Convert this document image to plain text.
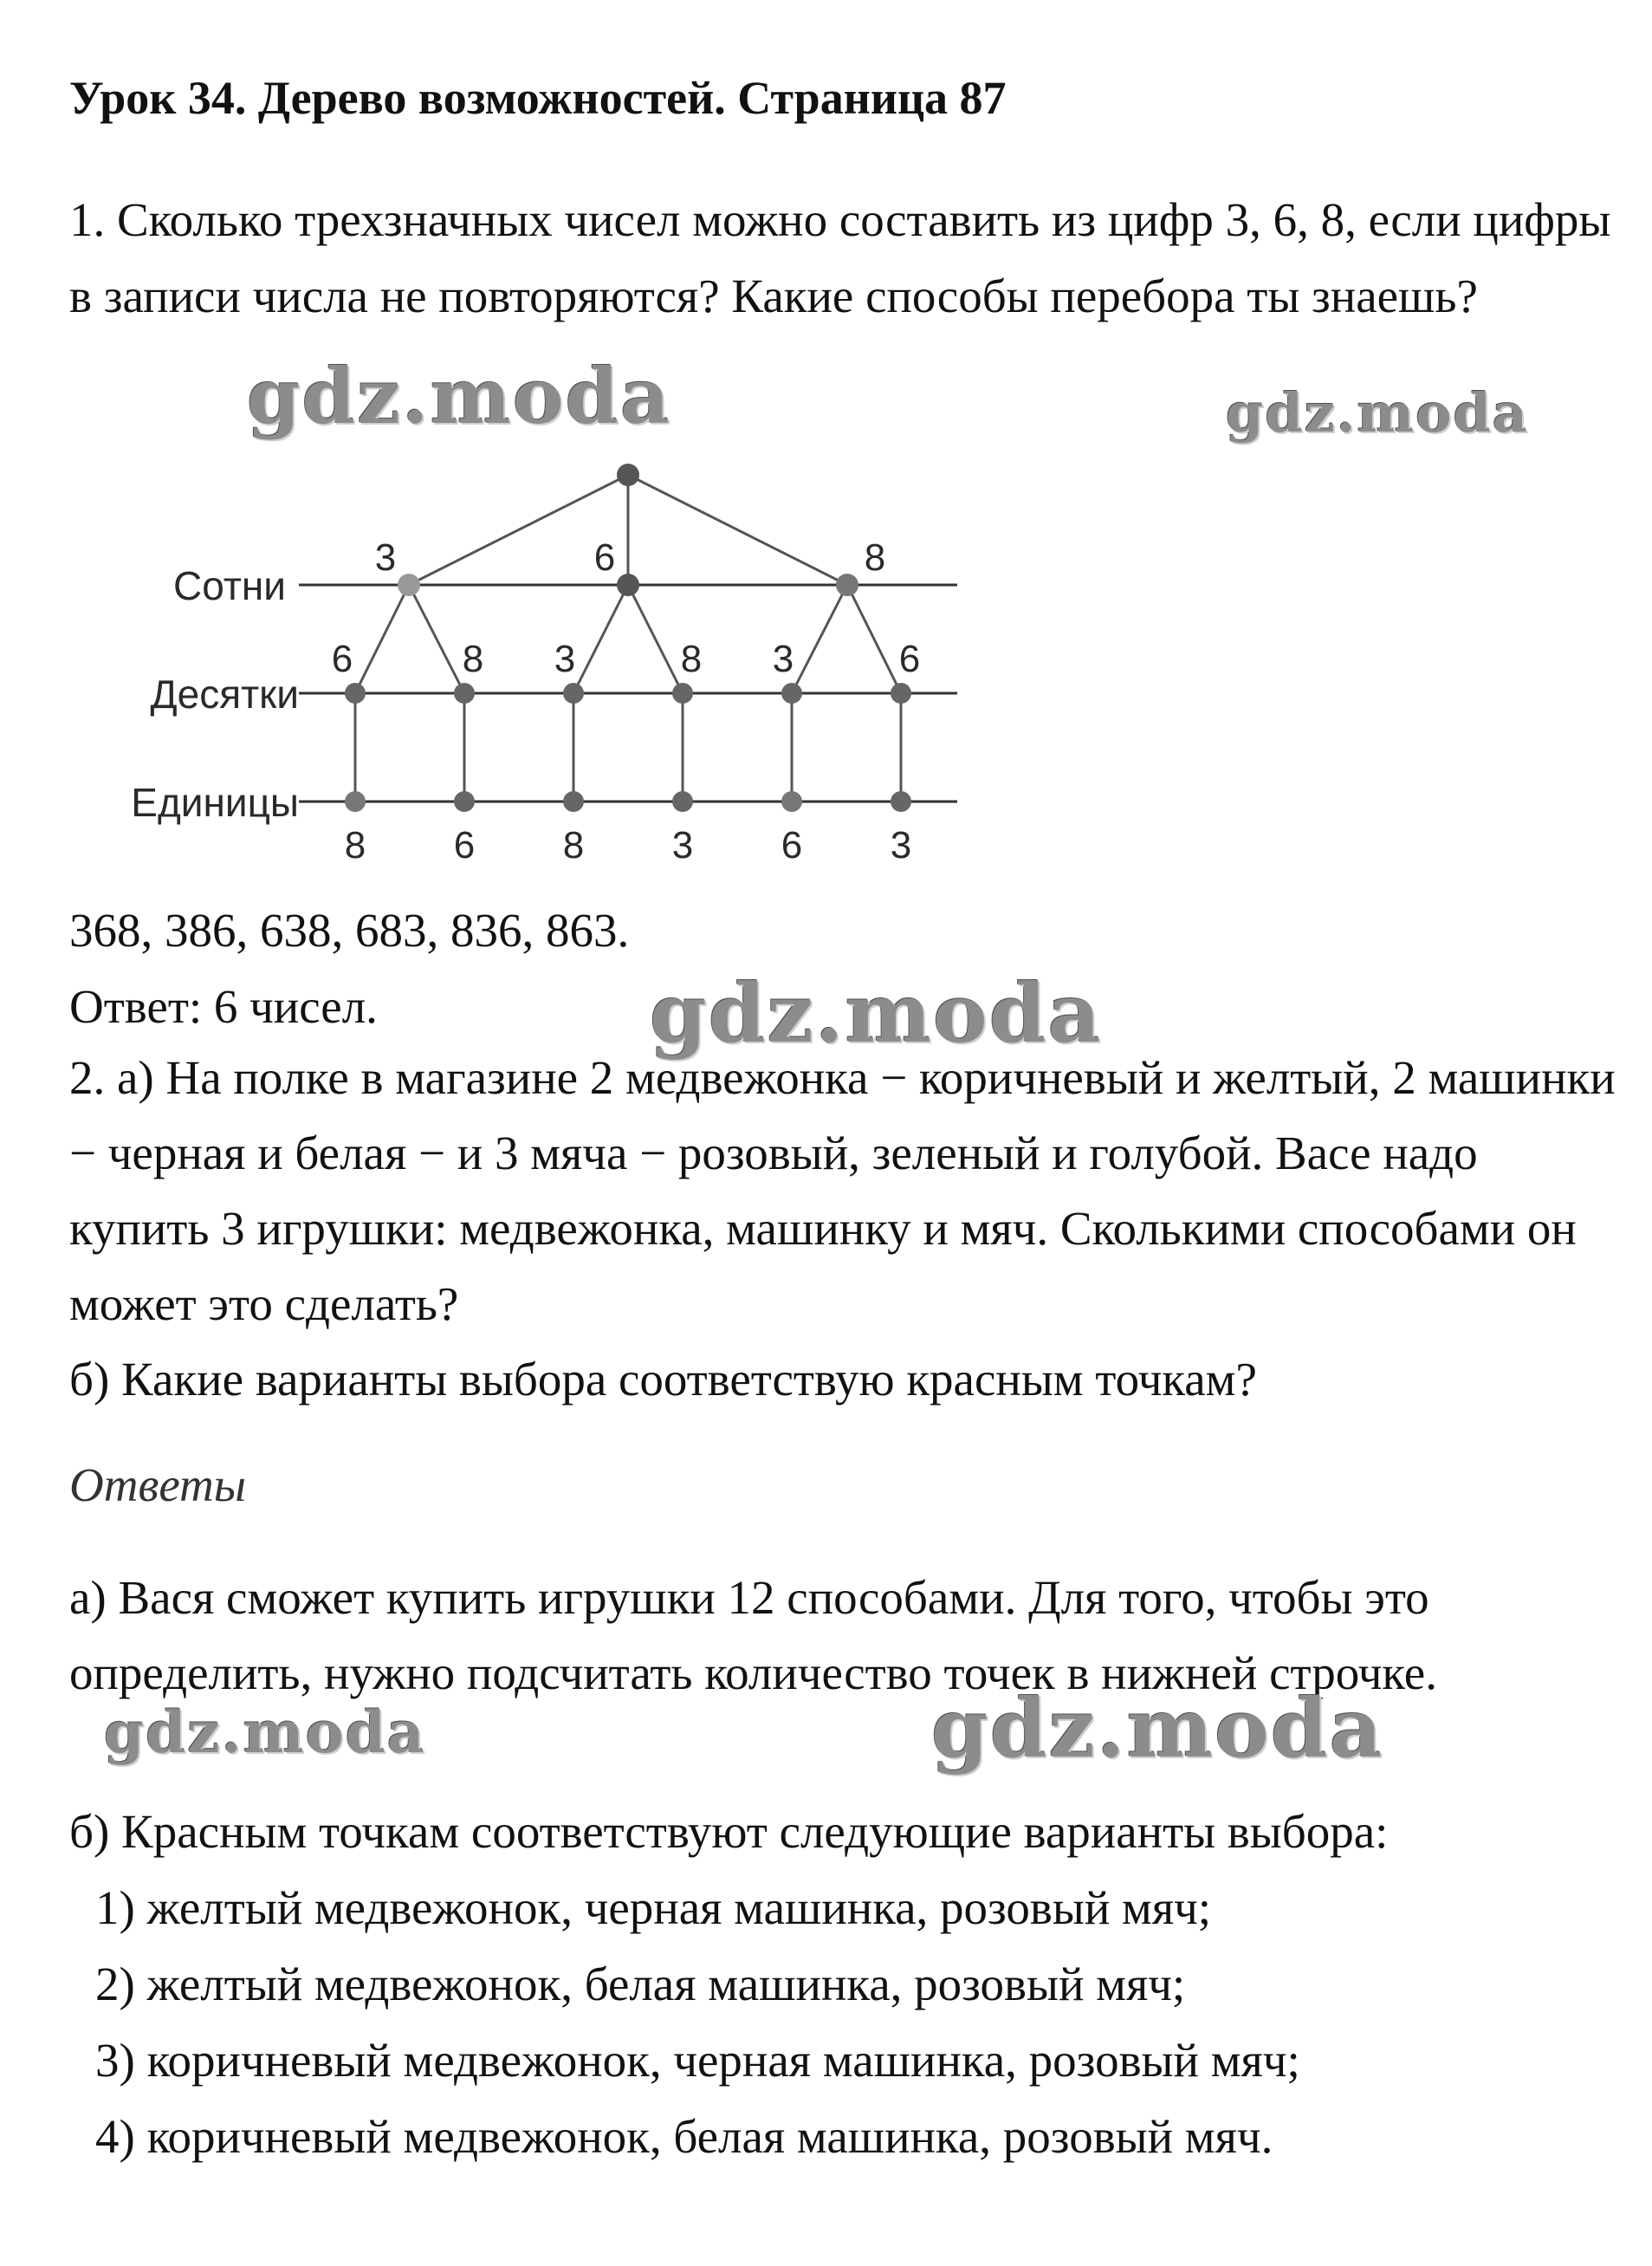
Урок 34. Дерево возможностей. Страница 87
1. Сколько трехзначных чисел можно составить из цифр 3, 6, 8, если цифры в записи числа не повторяются? Какие способы перебора ты знаешь?
Сотни
Десятки
Единицы
3	6	8
6	8 3	8 3	6
8 6 8 3 6 3
368, 386, 638, 683, 836, 863.
Ответ: 6 чисел.
2. а) На полке в магазине 2 медвежонка − коричневый и желтый, 2 машинки − черная и белая − и 3 мяча − розовый, зеленый и голубой. Васе надо купить 3 игрушки: медвежонка, машинку и мяч. Сколькими способами он может это сделать?
б) Какие варианты выбора соответствую красным точкам?
Ответы
а) Вася сможет купить игрушки 12 способами. Для того, чтобы это определить, нужно подсчитать количество точек в нижней строчке.
б) Красным точкам соответствуют следующие варианты выбора:
1) желтый медвежонок, черная машинка, розовый мяч;
2) желтый медвежонок, белая машинка, розовый мяч;
3) коричневый медвежонок, черная машинка, розовый мяч;
4) коричневый медвежонок, белая машинка, розовый мяч.
gdz.moda	gdz.moda
gdz.moda
gdz.moda	gdz.moda
